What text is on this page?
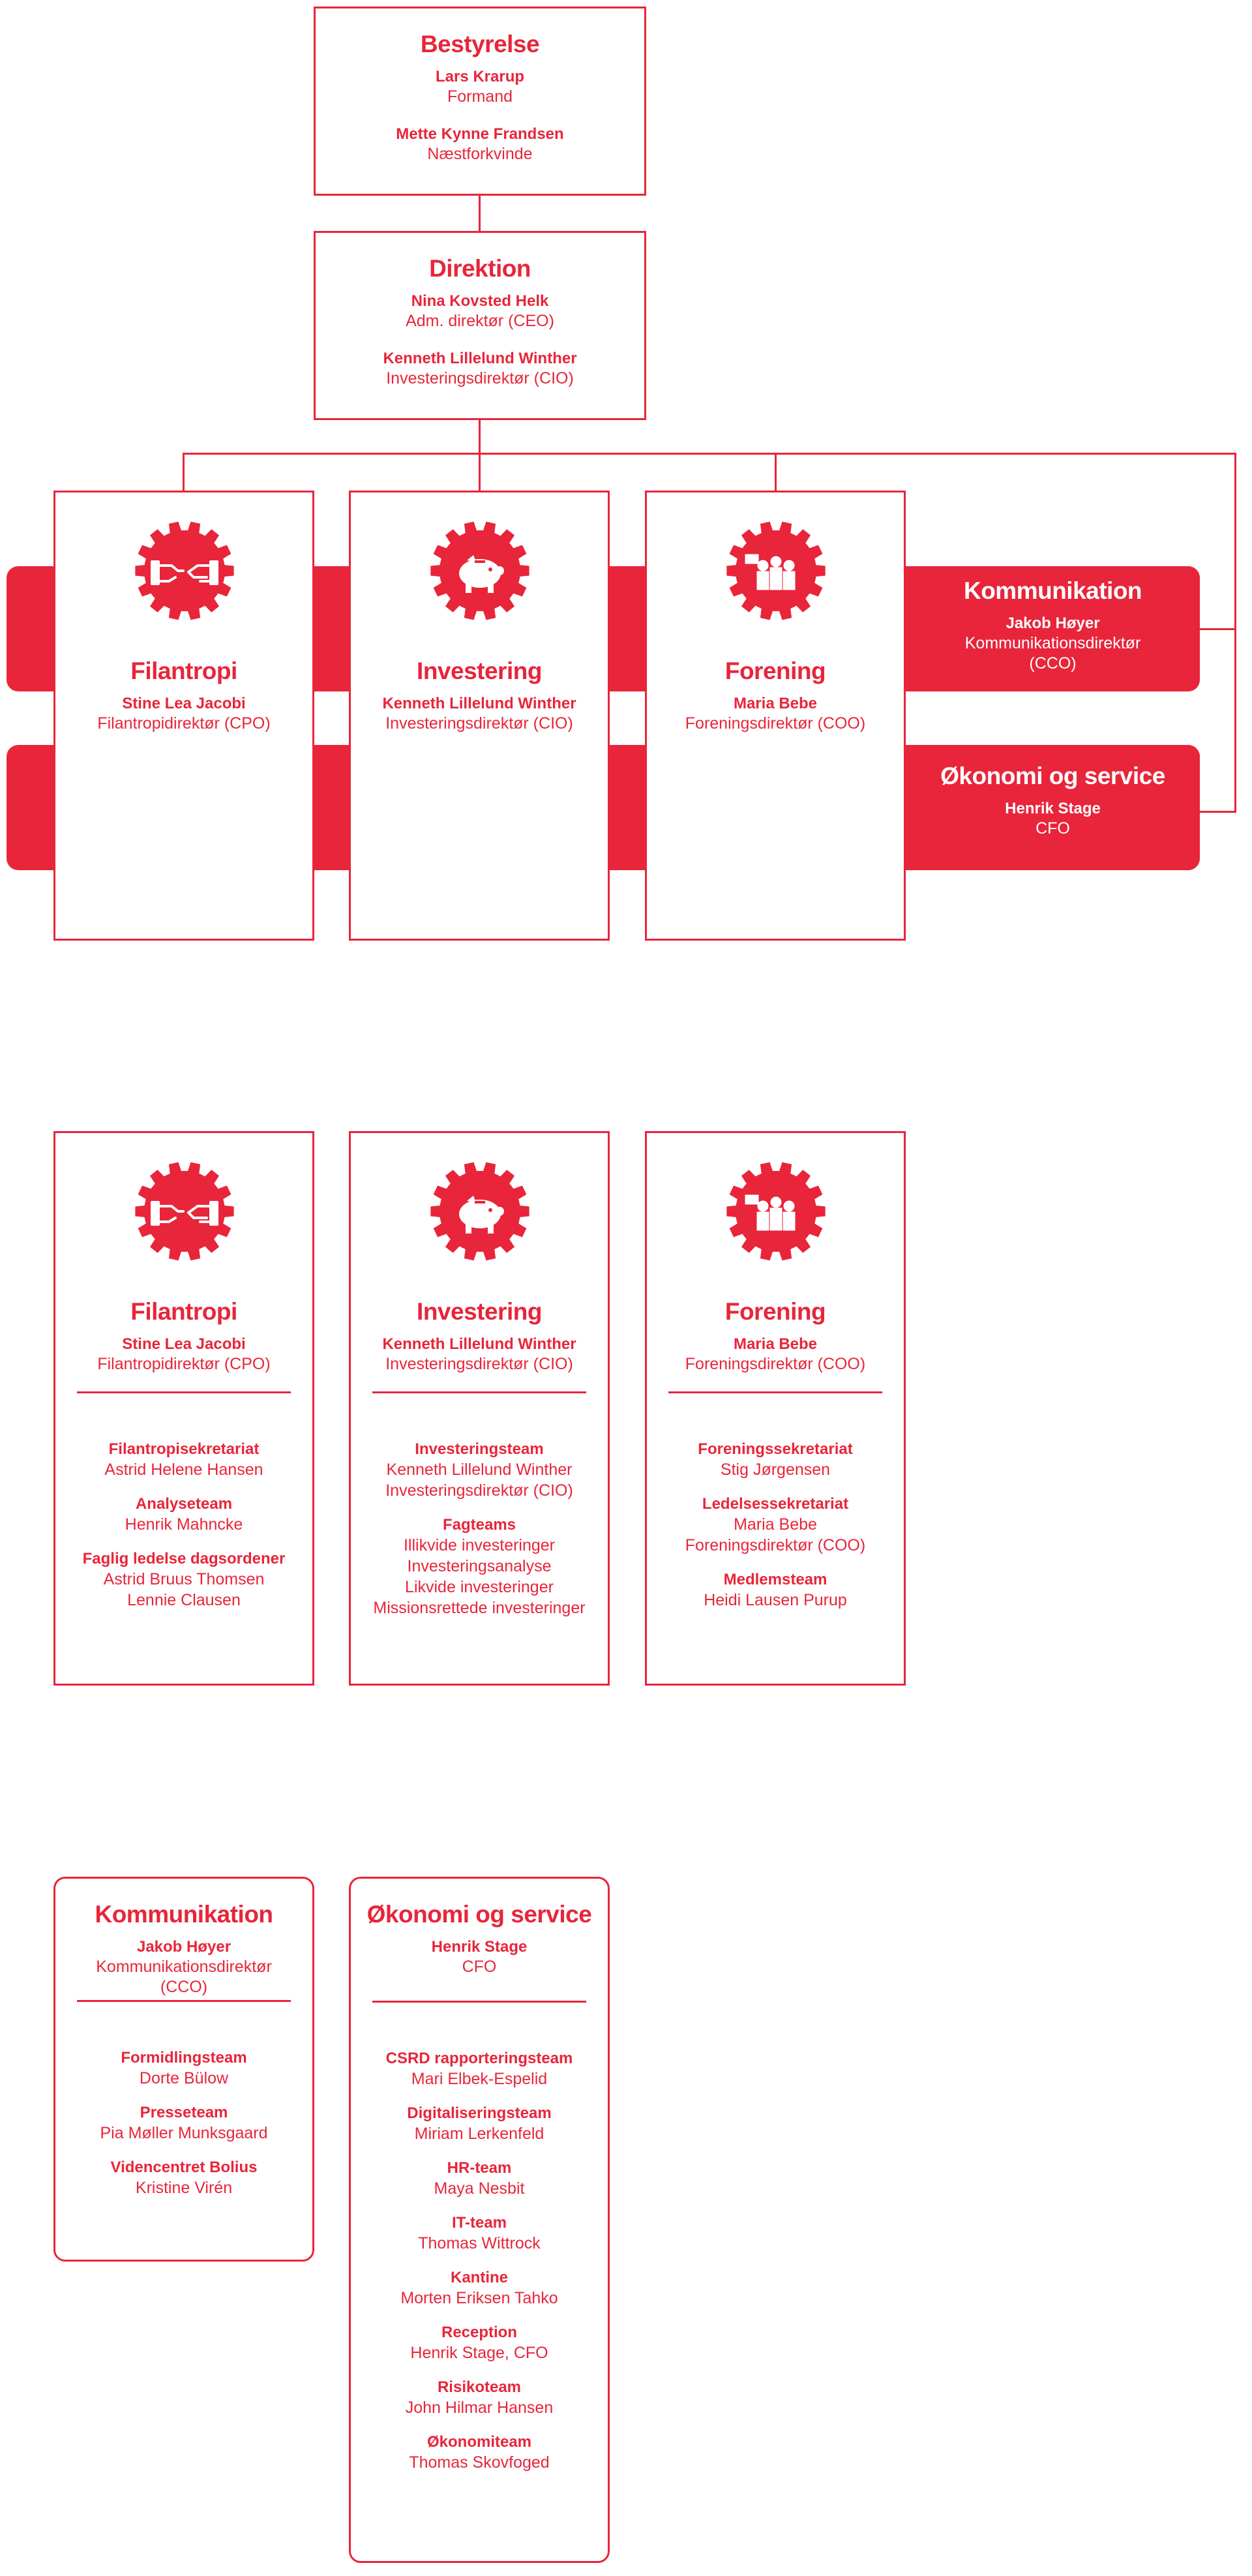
Bestyrelse
Lars Krarup
Formand
Mette Kynne Frandsen
Næstforkvinde
Direktion
Nina Kovsted Helk
Adm. direktør (CEO)
Kenneth Lillelund Winther
Investeringsdirektør (CIO)
Filantropi
Stine Lea Jacobi
Filantropidirektør (CPO)
Investering
Kenneth Lillelund Winther
Investeringsdirektør (CIO)
Forening
Maria Bebe
Foreningsdirektør (COO)
Kommunikation
Jakob Høyer
Kommunikationsdirektør
(CCO)
Økonomi og service
Henrik Stage
CFO
Filantropi
Stine Lea Jacobi
Filantropidirektør (CPO)
Filantropisekretariat
Astrid Helene Hansen
Analyseteam
Henrik Mahncke
Faglig ledelse dagsordener
Astrid Bruus Thomsen
Lennie Clausen
Investering
Kenneth Lillelund Winther
Investeringsdirektør (CIO)
Investeringsteam
Kenneth Lillelund Winther
Investeringsdirektør (CIO)
Fagteams
Illikvide investeringer
Investeringsanalyse
Likvide investeringer
Missionsrettede investeringer
Forening
Maria Bebe
Foreningsdirektør (COO)
Foreningssekretariat
Stig Jørgensen
Ledelsessekretariat
Maria Bebe
Foreningsdirektør (COO)
Medlemsteam
Heidi Lausen Purup
Kommunikation
Jakob Høyer
Kommunikationsdirektør
(CCO)
Formidlingsteam
Dorte Bülow
Presseteam
Pia Møller Munksgaard
Videncentret Bolius
Kristine Virén
Økonomi og service
Henrik Stage
CFO
CSRD rapporteringsteam
Mari Elbek-Espelid
Digitaliseringsteam
Miriam Lerkenfeld
HR-team
Maya Nesbit
IT-team
Thomas Wittrock
Kantine
Morten Eriksen Tahko
Reception
Henrik Stage, CFO
Risikoteam
John Hilmar Hansen
Økonomiteam
Thomas Skovfoged
